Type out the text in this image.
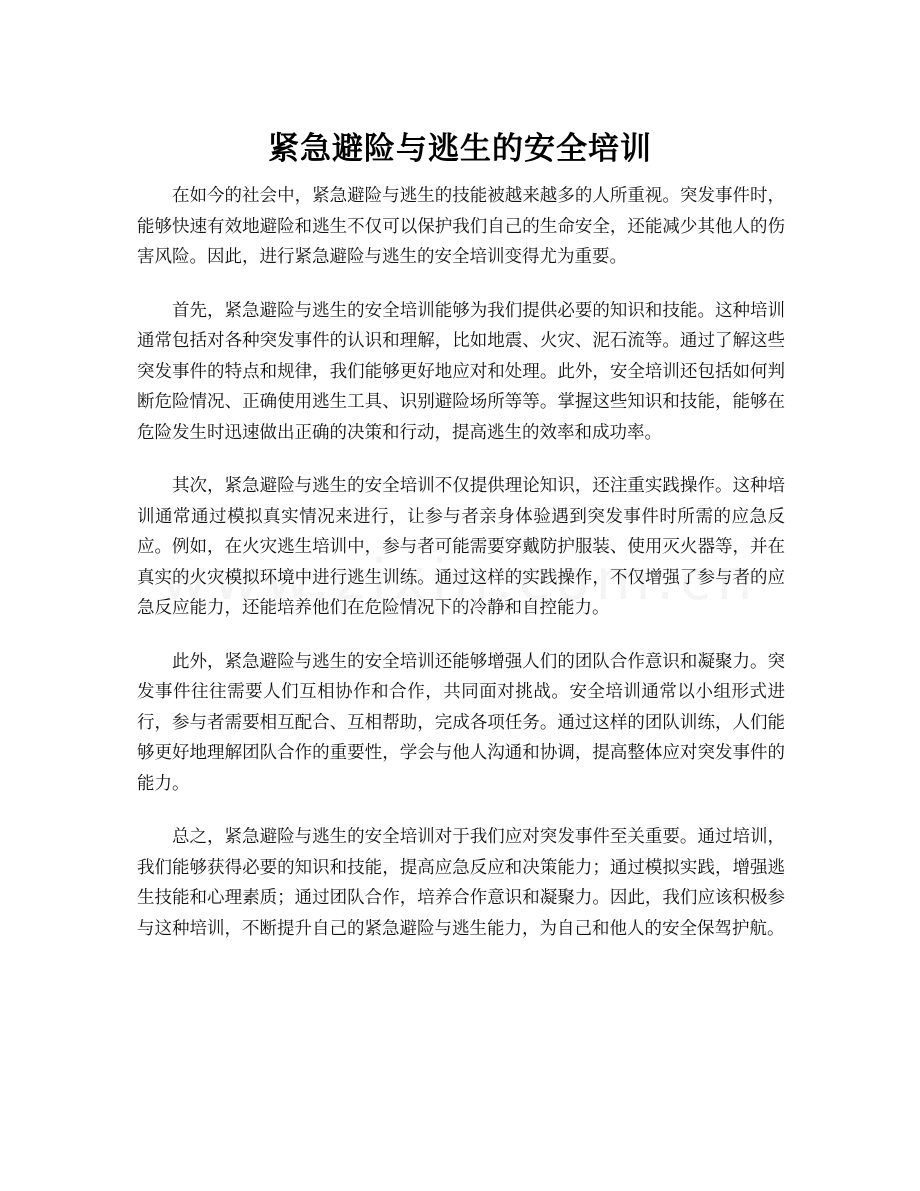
紧急避险与逃生的安全培训

在如今的社会中，紧急避险与逃生的技能被越来越多的人所重视。突发事件时，能够快速有效地避险和逃生不仅可以保护我们自己的生命安全，还能减少其他人的伤害风险。因此，进行紧急避险与逃生的安全培训变得尤为重要。

首先，紧急避险与逃生的安全培训能够为我们提供必要的知识和技能。这种培训通常包括对各种突发事件的认识和理解，比如地震、火灾、泥石流等。通过了解这些突发事件的特点和规律，我们能够更好地应对和处理。此外，安全培训还包括如何判断危险情况、正确使用逃生工具、识别避险场所等等。掌握这些知识和技能，能够在危险发生时迅速做出正确的决策和行动，提高逃生的效率和成功率。

其次，紧急避险与逃生的安全培训不仅提供理论知识，还注重实践操作。这种培训通常通过模拟真实情况来进行，让参与者亲身体验遇到突发事件时所需的应急反应。例如，在火灾逃生培训中，参与者可能需要穿戴防护服装、使用灭火器等，并在真实的火灾模拟环境中进行逃生训练。通过这样的实践操作，不仅增强了参与者的应急反应能力，还能培养他们在危险情况下的冷静和自控能力。

此外，紧急避险与逃生的安全培训还能够增强人们的团队合作意识和凝聚力。突发事件往往需要人们互相协作和合作，共同面对挑战。安全培训通常以小组形式进行，参与者需要相互配合、互相帮助，完成各项任务。通过这样的团队训练，人们能够更好地理解团队合作的重要性，学会与他人沟通和协调，提高整体应对突发事件的能力。

总之，紧急避险与逃生的安全培训对于我们应对突发事件至关重要。通过培训，我们能够获得必要的知识和技能，提高应急反应和决策能力；通过模拟实践，增强逃生技能和心理素质；通过团队合作，培养合作意识和凝聚力。因此，我们应该积极参与这种培训，不断提升自己的紧急避险与逃生能力，为自己和他人的安全保驾护航。
